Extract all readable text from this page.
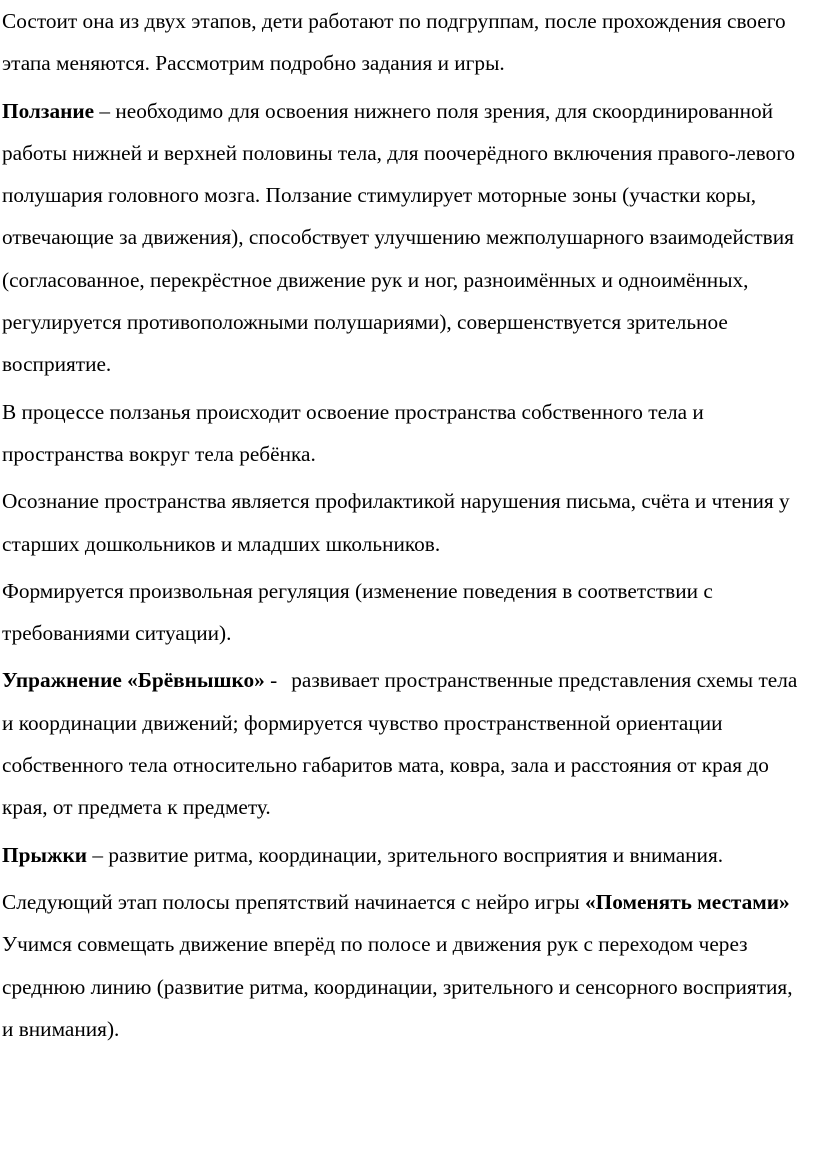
Состоит она из двух этапов, дети работают по подгруппам, после прохождения своего этапа меняются. Рассмотрим подробно задания и игры.

Ползание – необходимо для освоения нижнего поля зрения, для скоординированной работы нижней и верхней половины тела, для поочерёдного включения правого-левого полушария головного мозга. Ползание стимулирует моторные зоны (участки коры, отвечающие за движения), способствует улучшению межполушарного взаимодействия (согласованное, перекрёстное движение рук и ног, разноимённых и одноимённых, регулируется противоположными полушариями), совершенствуется зрительное восприятие.

В процессе ползанья происходит освоение пространства собственного тела и пространства вокруг тела ребёнка.

Осознание пространства является профилактикой нарушения письма, счёта и чтения у старших дошкольников и младших школьников.

Формируется произвольная регуляция (изменение поведения в соответствии с требованиями ситуации).

Упражнение «Брёвнышко» - развивает пространственные представления схемы тела и координации движений; формируется чувство пространственной ориентации собственного тела относительно габаритов мата, ковра, зала и расстояния от края до края, от предмета к предмету.

Прыжки – развитие ритма, координации, зрительного восприятия и внимания.

Следующий этап полосы препятствий начинается с нейро игры «Поменять местами» Учимся совмещать движение вперёд по полосе и движения рук с переходом через среднюю линию (развитие ритма, координации, зрительного и сенсорного восприятия, и внимания).
